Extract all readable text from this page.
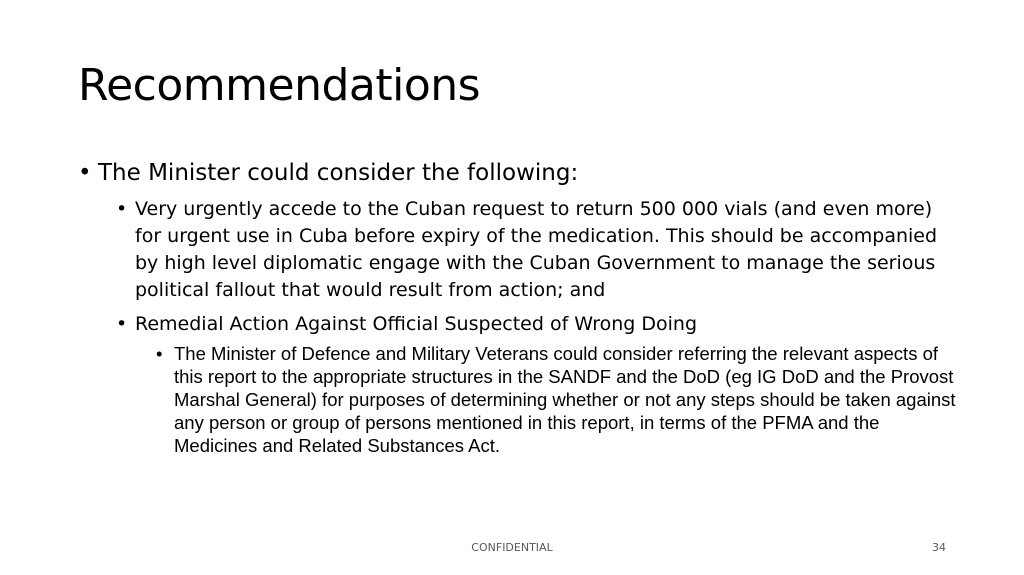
Recommendations
• The Minister could consider the following:
• Very urgently accede to the Cuban request to return 500 000 vials (and even more) for urgent use in Cuba before expiry of the medication. This should be accompanied by high level diplomatic engage with the Cuban Government to manage the serious political fallout that would result from action; and
• Remedial Action Against Official Suspected of Wrong Doing
• The Minister of Defence and Military Veterans could consider referring the relevant aspects of this report to the appropriate structures in the SANDF and the DoD (eg IG DoD and the Provost Marshal General) for purposes of determining whether or not any steps should be taken against any person or group of persons mentioned in this report, in terms of the PFMA and the Medicines and Related Substances Act.
CONFIDENTIAL	34
